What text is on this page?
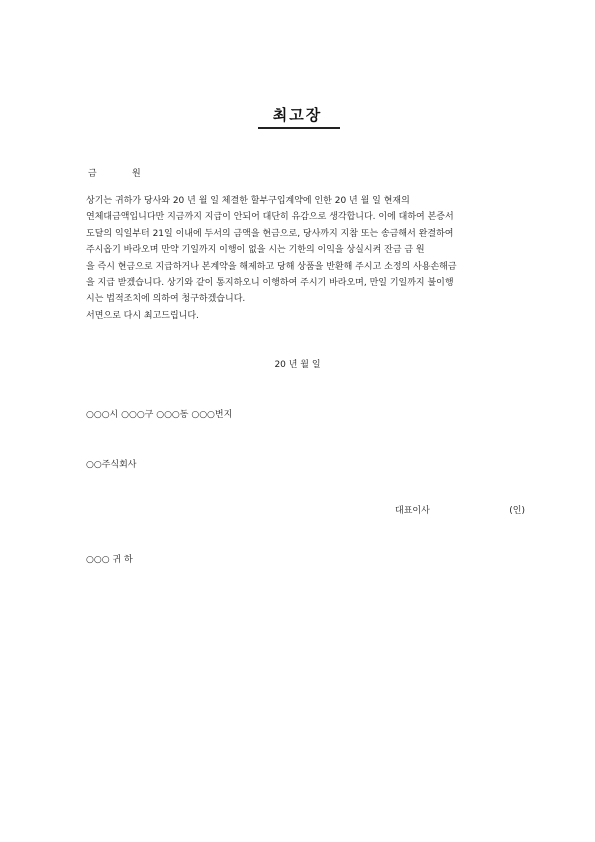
최고장
금	원
상기는 귀하가 당사와 20 년 월 일 체결한 할부구입계약에 인한 20 년 월 일 현재의
연체대금액입니다만 지금까지 지급이 안되어 대단히 유감으로 생각합니다. 이에 대하여 본증서
도달의 익일부터 21일 이내에 두서의 금액을 현금으로, 당사까지 지참 또는 송금해서 완결하여
주시옵기 바라오며 만약 기일까지 이행이 없을 시는 기한의 이익을 상실시켜 잔금 금 원
을 즉시 현금으로 지급하거나 본계약을 해제하고 당해 상품을 반환해 주시고 소정의 사용손해금
을 지급 받겠습니다. 상기와 같이 통지하오니 이행하여 주시기 바라오며, 만일 기일까지 불이행
시는 법적조치에 의하여 청구하겠습니다.
서면으로 다시 최고드립니다.
20 년 월 일
○○○시 ○○○구 ○○○동 ○○○번지
○○주식회사
대표이사	(인)
○○○ 귀 하
